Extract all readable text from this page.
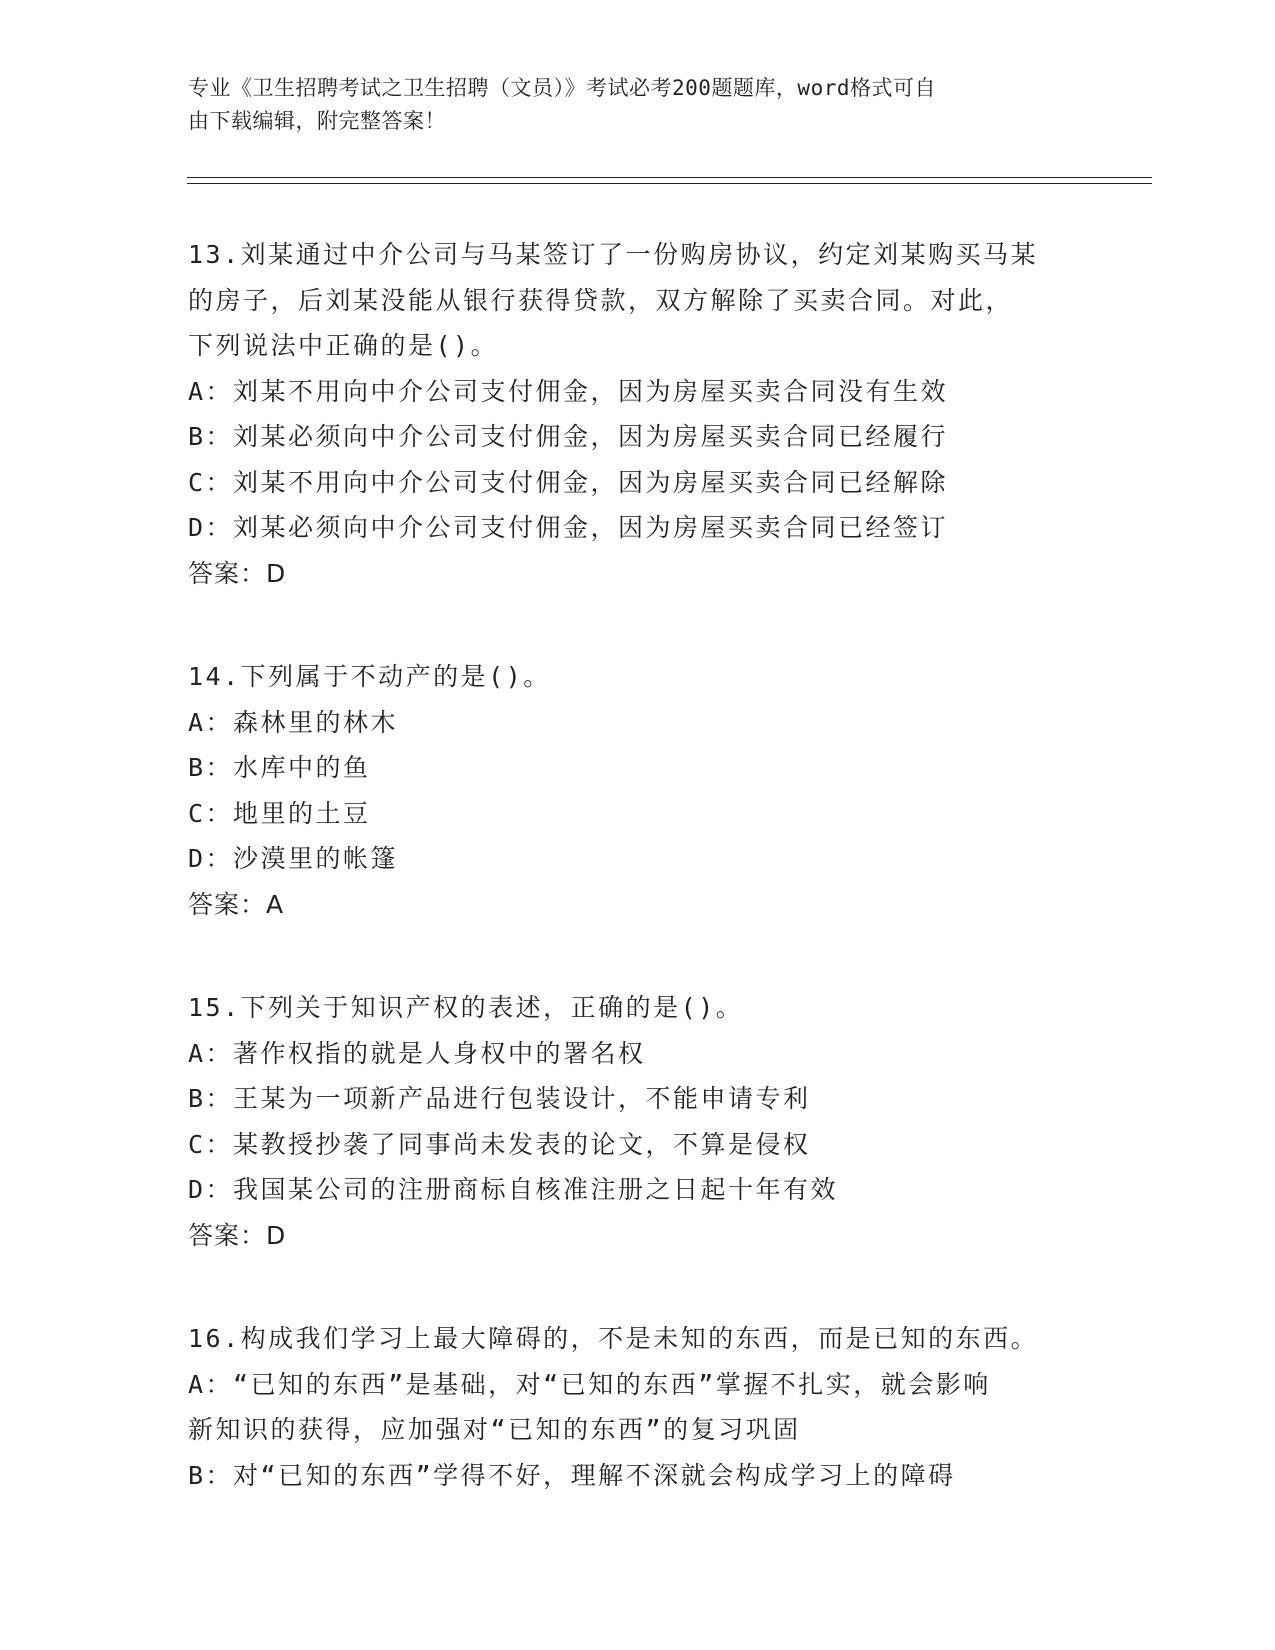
专业《卫生招聘考试之卫生招聘（文员）》考试必考200题题库，word格式可自
由下载编辑，附完整答案！
13.刘某通过中介公司与马某签订了一份购房协议，约定刘某购买马某
的房子，后刘某没能从银行获得贷款，双方解除了买卖合同。对此，
下列说法中正确的是()。
A：刘某不用向中介公司支付佣金，因为房屋买卖合同没有生效
B：刘某必须向中介公司支付佣金，因为房屋买卖合同已经履行
C：刘某不用向中介公司支付佣金，因为房屋买卖合同已经解除
D：刘某必须向中介公司支付佣金，因为房屋买卖合同已经签订
答案：D
14.下列属于不动产的是()。
A：森林里的林木
B：水库中的鱼
C：地里的土豆
D：沙漠里的帐篷
答案：A
15.下列关于知识产权的表述，正确的是()。
A：著作权指的就是人身权中的署名权
B：王某为一项新产品进行包装设计，不能申请专利
C：某教授抄袭了同事尚未发表的论文，不算是侵权
D：我国某公司的注册商标自核准注册之日起十年有效
答案：D
16.构成我们学习上最大障碍的，不是未知的东西，而是已知的东西。
A：“已知的东西”是基础，对“已知的东西”掌握不扎实，就会影响
新知识的获得，应加强对“已知的东西”的复习巩固
B：对“已知的东西”学得不好，理解不深就会构成学习上的障碍
